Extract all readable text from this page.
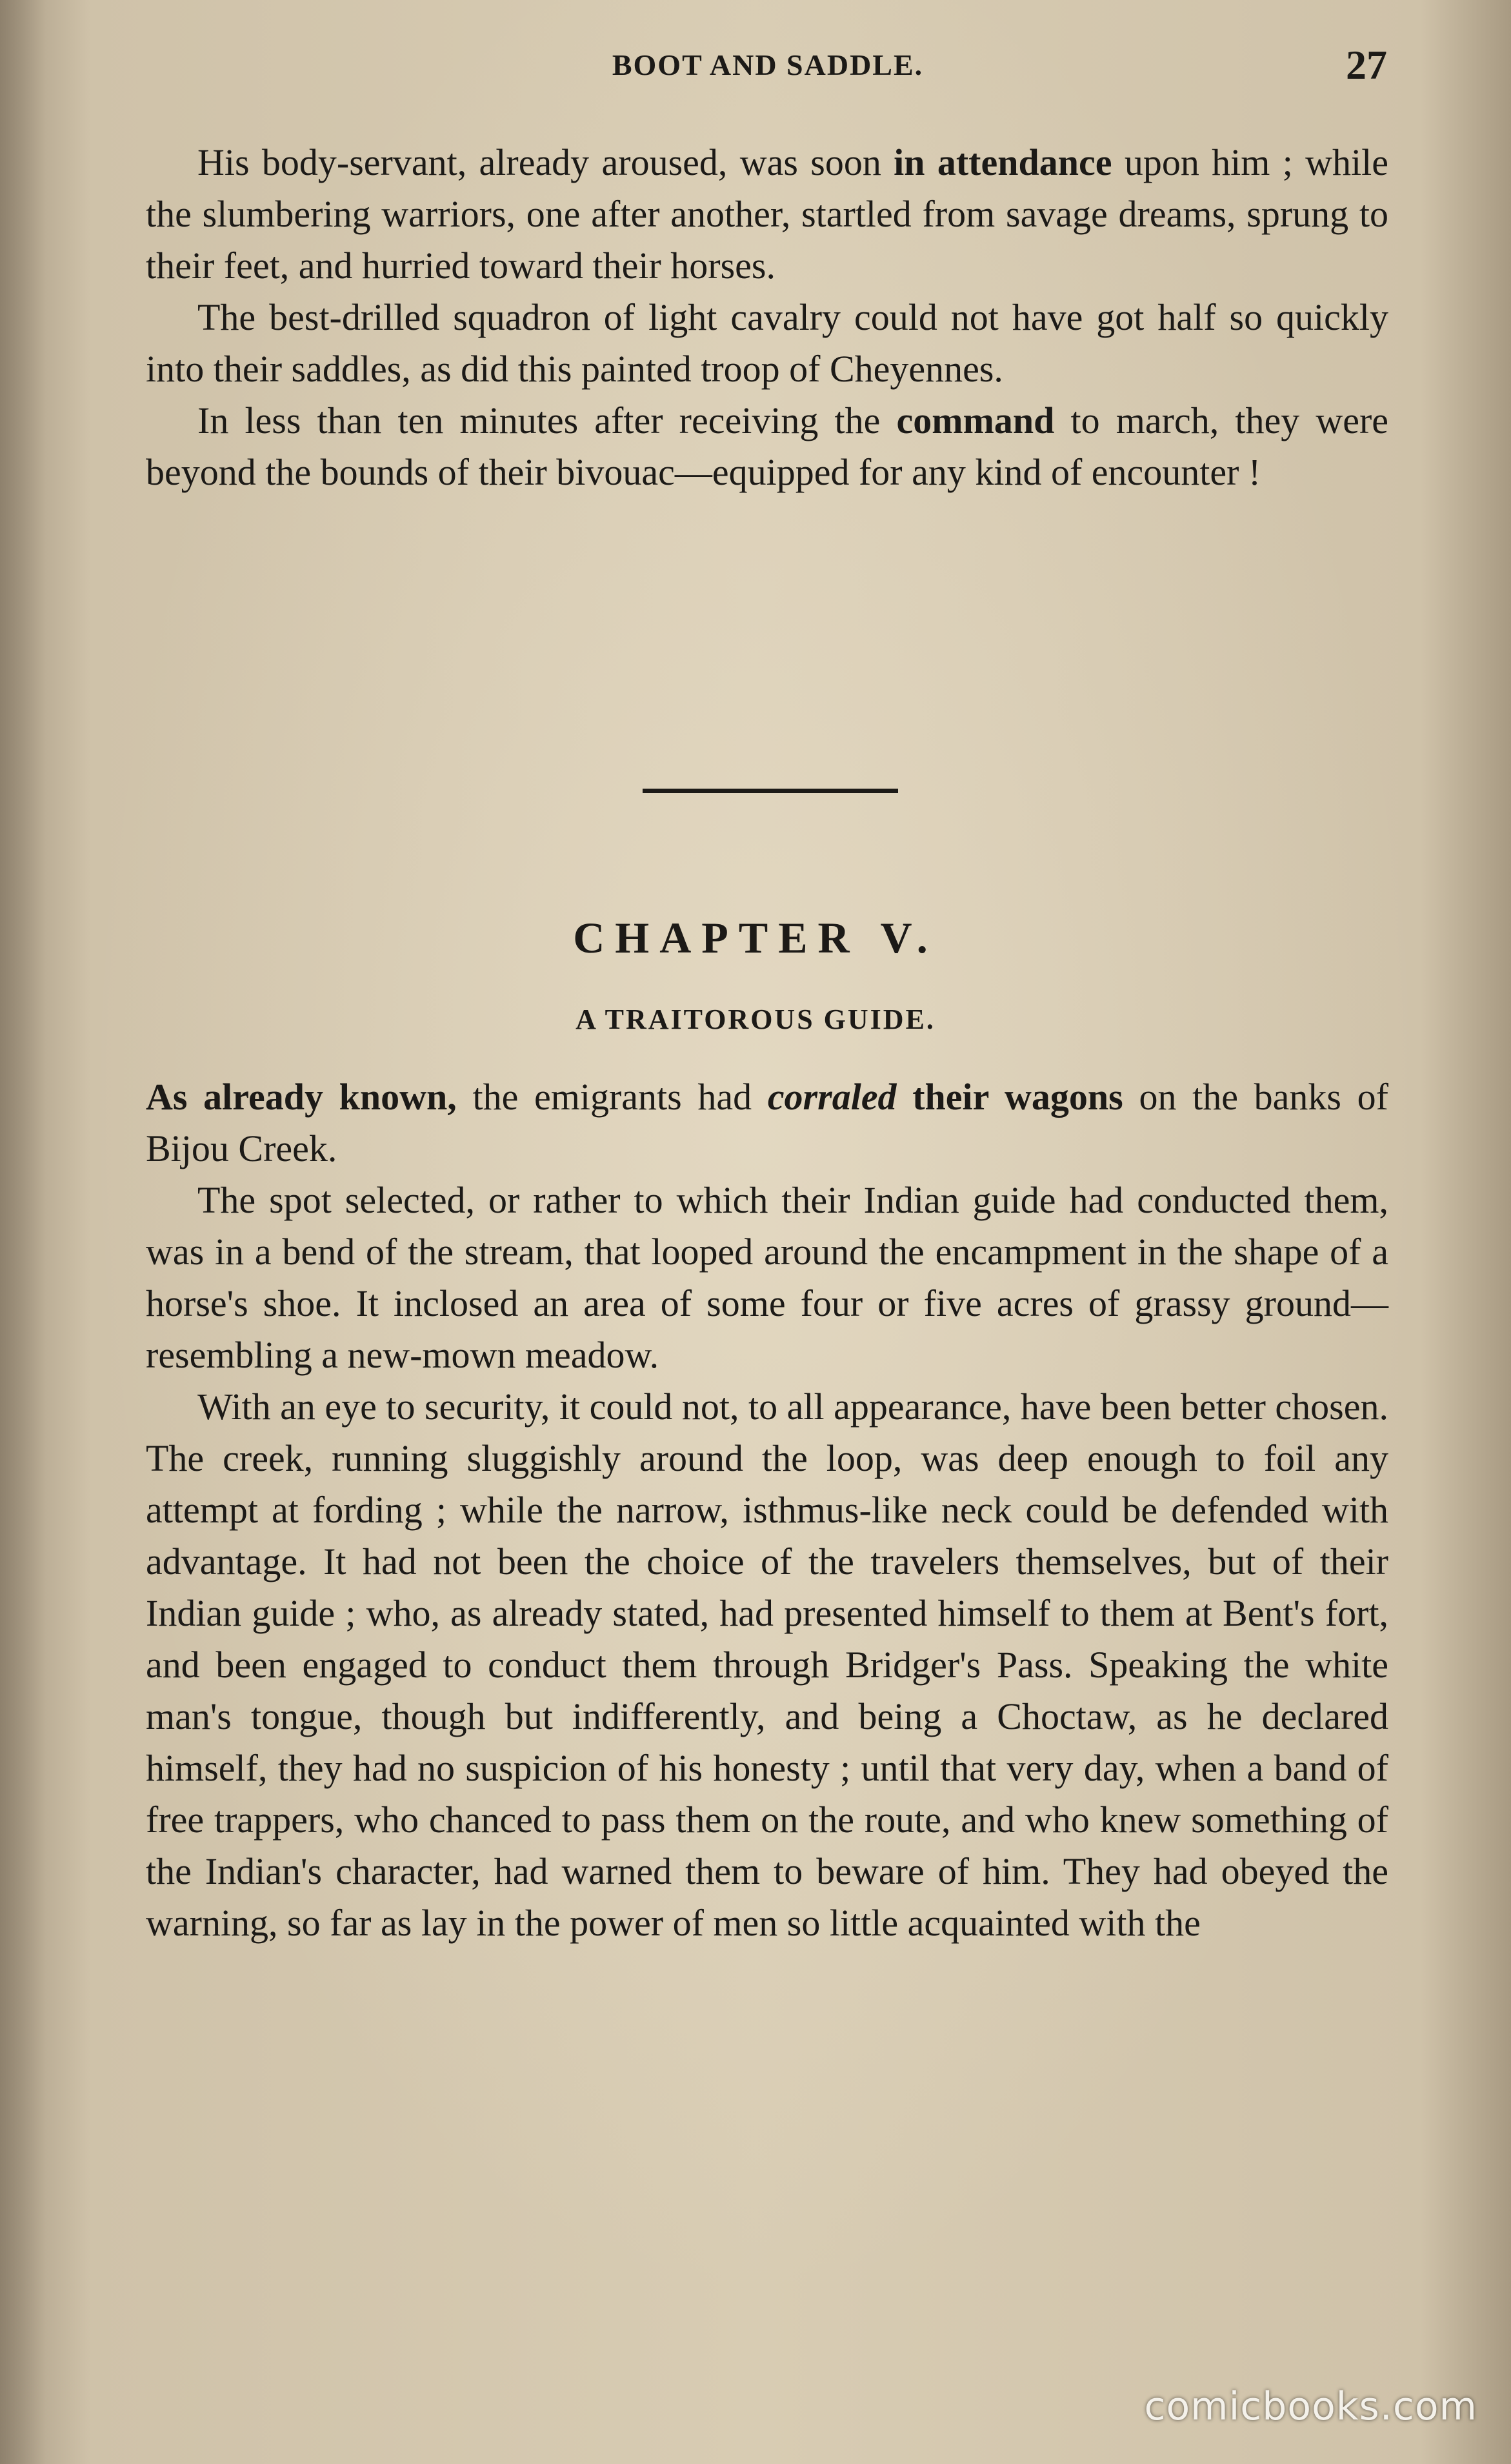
BOOT AND SADDLE.	27

His body-servant, already aroused, was soon in attendance upon him ; while the slumbering warriors, one after another, startled from savage dreams, sprung to their feet, and hurried toward their horses.

The best-drilled squadron of light cavalry could not have got half so quickly into their saddles, as did this painted troop of Cheyennes.

In less than ten minutes after receiving the command to march, they were beyond the bounds of their bivouac—equipped for any kind of encounter !

CHAPTER V.
A TRAITOROUS GUIDE.

As already known, the emigrants had corraled their wagons on the banks of Bijou Creek.

The spot selected, or rather to which their Indian guide had conducted them, was in a bend of the stream, that looped around the encampment in the shape of a horse's shoe. It inclosed an area of some four or five acres of grassy ground—resembling a new-mown meadow.

With an eye to security, it could not, to all appearance, have been better chosen. The creek, running sluggishly around the loop, was deep enough to foil any attempt at fording ; while the narrow, isthmus-like neck could be defended with advantage. It had not been the choice of the travelers themselves, but of their Indian guide ; who, as already stated, had presented himself to them at Bent's fort, and been engaged to conduct them through Bridger's Pass. Speaking the white man's tongue, though but indifferently, and being a Choctaw, as he declared himself, they had no suspicion of his honesty ; until that very day, when a band of free trappers, who chanced to pass them on the route, and who knew something of the Indian's character, had warned them to beware of him. They had obeyed the warning, so far as lay in the power of men so little acquainted with the

comicbooks.com
